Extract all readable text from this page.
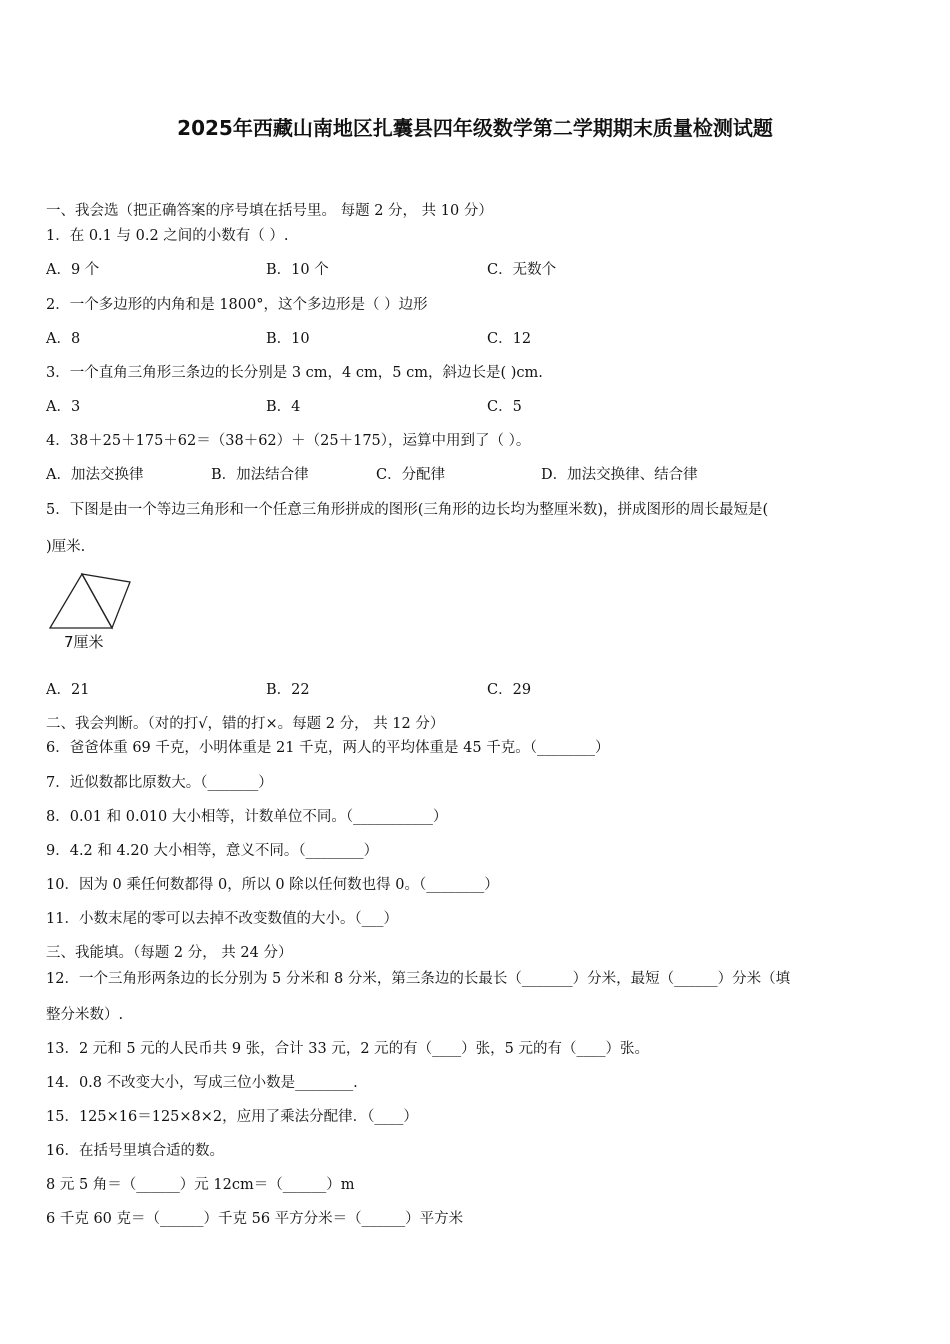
2025年西藏山南地区扎囊县四年级数学第二学期期末质量检测试题
一、我会选（把正确答案的序号填在括号里。 每题 2 分， 共 10 分）
1．在 0.1 与 0.2 之间的小数有（ ）.
A．9 个	B．10 个	C．无数个
2．一个多边形的内角和是 1800°，这个多边形是（ ）边形
A．8	B．10	C．12
3．一个直角三角形三条边的长分别是 3 cm，4 cm，5 cm，斜边长是( )cm.
A．3	B．4	C．5
4．38＋25＋175＋62＝（38＋62）＋（25＋175），运算中用到了（ ）。
A．加法交换律	B．加法结合律	C．分配律	D．加法交换律、结合律
5．下图是由一个等边三角形和一个任意三角形拼成的图形(三角形的边长均为整厘米数)，拼成图形的周长最短是(
)厘米.
7厘米
A．21	B．22	C．29
二、我会判断。（对的打√，错的打×。每题 2 分， 共 12 分）
6．爸爸体重 69 千克，小明体重是 21 千克，两人的平均体重是 45 千克。（________）
7．近似数都比原数大。（_______）
8．0.01 和 0.010 大小相等，计数单位不同。（___________）
9．4.2 和 4.20 大小相等，意义不同。（________）
10．因为 0 乘任何数都得 0，所以 0 除以任何数也得 0。（________）
11．小数末尾的零可以去掉不改变数值的大小。（___）
三、我能填。（每题 2 分， 共 24 分）
12．一个三角形两条边的长分别为 5 分米和 8 分米，第三条边的长最长（_______）分米，最短（______）分米（填
整分米数）.
13．2 元和 5 元的人民币共 9 张，合计 33 元，2 元的有（____）张，5 元的有（____）张。
14．0.8 不改变大小，写成三位小数是________.
15．125×16＝125×8×2，应用了乘法分配律．（____）
16．在括号里填合适的数。
8 元 5 角＝（______）元 12cm＝（______）m
6 千克 60 克＝（______）千克 56 平方分米＝（______）平方米
